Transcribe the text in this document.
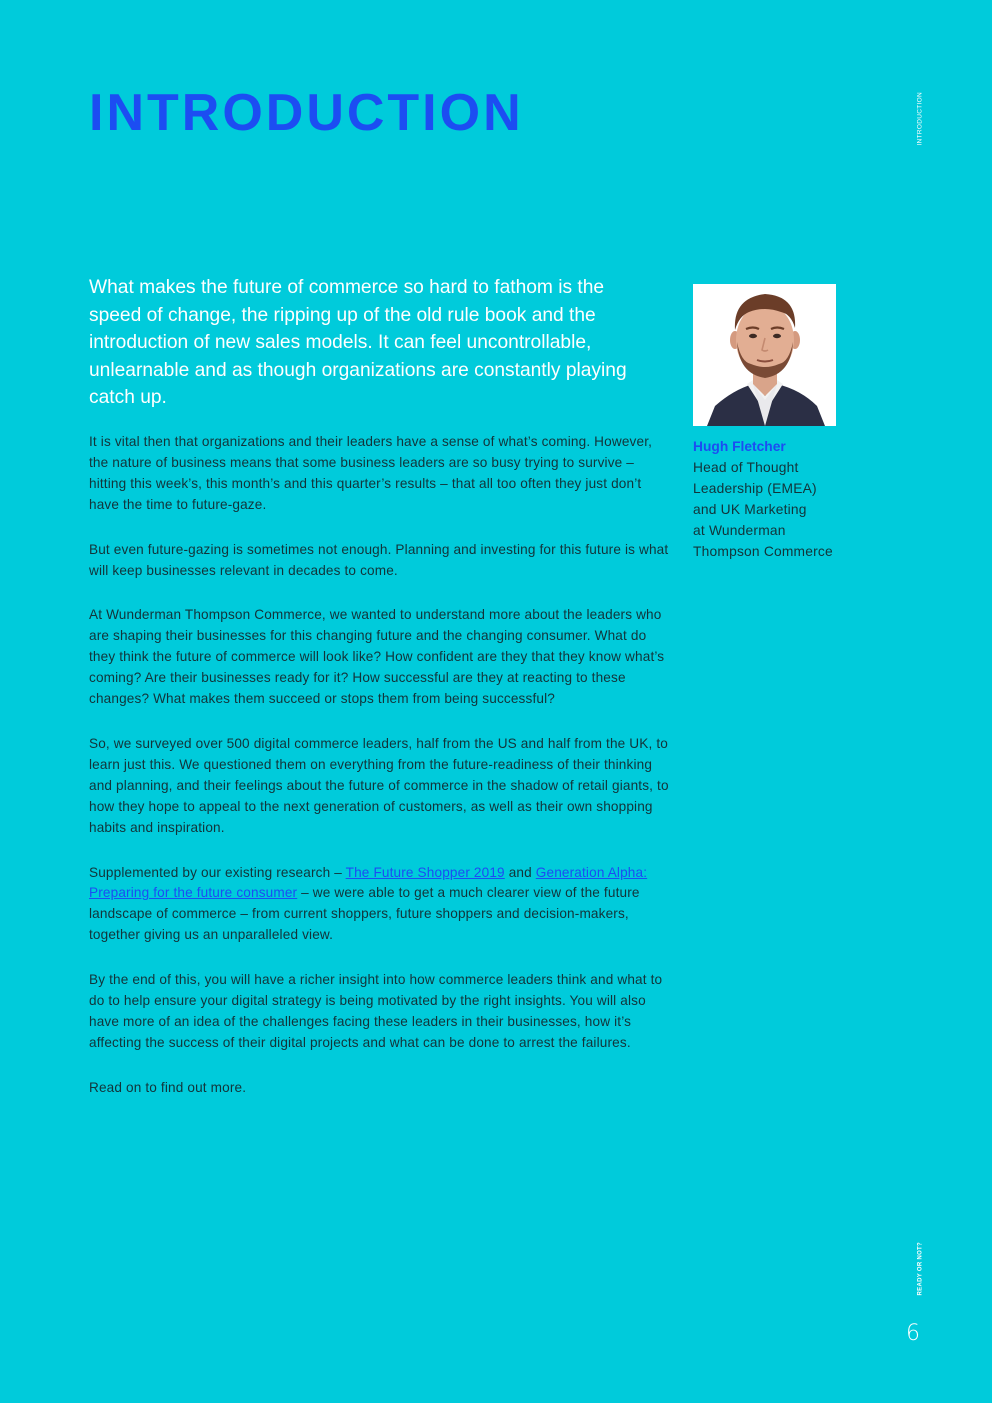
INTRODUCTION	INTRODUCTION

What makes the future of commerce so hard to fathom is the speed of change, the ripping up of the old rule book and the introduction of new sales models. It can feel uncontrollable, unlearnable and as though organizations are constantly playing catch up.

It is vital then that organizations and their leaders have a sense of what’s coming. However, the nature of business means that some business leaders are so busy trying to survive – hitting this week’s, this month’s and this quarter’s results – that all too often they just don’t have the time to future-gaze.

But even future-gazing is sometimes not enough. Planning and investing for this future is what will keep businesses relevant in decades to come.

At Wunderman Thompson Commerce, we wanted to understand more about the leaders who are shaping their businesses for this changing future and the changing consumer. What do they think the future of commerce will look like? How confident are they that they know what’s coming? Are their businesses ready for it? How successful are they at reacting to these changes? What makes them succeed or stops them from being successful?

So, we surveyed over 500 digital commerce leaders, half from the US and half from the UK, to learn just this. We questioned them on everything from the future-readiness of their thinking and planning, and their feelings about the future of commerce in the shadow of retail giants, to how they hope to appeal to the next generation of customers, as well as their own shopping habits and inspiration.

Supplemented by our existing research – The Future Shopper 2019 and Generation Alpha: Preparing for the future consumer – we were able to get a much clearer view of the future landscape of commerce – from current shoppers, future shoppers and decision-makers, together giving us an unparalleled view.

By the end of this, you will have a richer insight into how commerce leaders think and what to do to help ensure your digital strategy is being motivated by the right insights. You will also have more of an idea of the challenges facing these leaders in their businesses, how it’s affecting the success of their digital projects and what can be done to arrest the failures.

Read on to find out more.

Hugh Fletcher
Head of Thought
Leadership (EMEA)
and UK Marketing
at Wunderman
Thompson Commerce
READY OR NOT?
6
